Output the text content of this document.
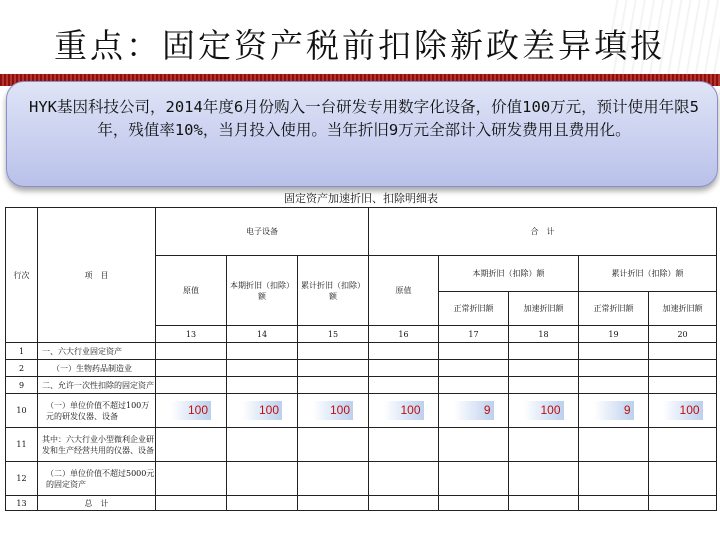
重点：固定资产税前扣除新政差异填报
HYK基因科技公司，2014年度6月份购入一台研发专用数字化设备，价值100万元，预计使用年限5年，残值率10%，当月投入使用。当年折旧9万元全部计入研发费用且费用化。
固定资产加速折旧、扣除明细表									
行次	项　目	电子设备			合　计				
		原值	本期折旧（扣除）额	累计折旧（扣除）额	原值	本期折旧（扣除）额		累计折旧（扣除）额	
						正常折旧额	加速折旧额	正常折旧额	加速折旧额
		13	14	15	16	17	18	19	20
1	一、六大行业固定资产								
2	（一）生物药品制造业								
9	二、允许一次性扣除的固定资产								
10	（一）单位价值不超过100万元的研发仪器、设备	100	100	100	100	9	100	9	100
11	其中：六大行业小型微利企业研发和生产经营共用的仪器、设备								
12	（二）单位价值不超过5000元的固定资产								
13	总　计								
